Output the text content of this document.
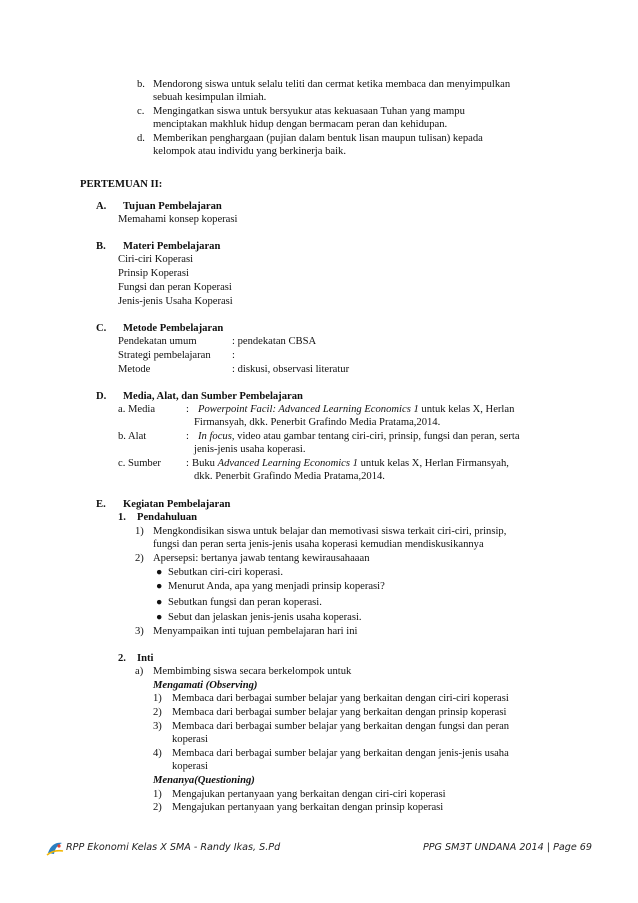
b. Mendorong siswa untuk selalu teliti dan cermat ketika membaca dan menyimpulkan
sebuah kesimpulan ilmiah.
c. Mengingatkan siswa untuk bersyukur atas kekuasaan Tuhan yang mampu
menciptakan makhluk hidup dengan bermacam peran dan kehidupan.
d. Memberikan penghargaan (pujian dalam bentuk lisan maupun tulisan) kepada
kelompok atau individu yang berkinerja baik.
PERTEMUAN II:
A. Tujuan Pembelajaran
Memahami konsep koperasi
B. Materi Pembelajaran
Ciri-ciri Koperasi
Prinsip Koperasi
Fungsi dan peran Koperasi
Jenis-jenis Usaha Koperasi
C. Metode Pembelajaran
Pendekatan umum	: pendekatan CBSA
Strategi pembelajaran :
Metode	: diskusi, observasi literatur
D. Media, Alat, dan Sumber Pembelajaran
a. Media	: Powerpoint Facil: Advanced Learning Economics 1 untuk kelas X, Herlan
Firmansyah, dkk. Penerbit Grafindo Media Pratama,2014.
b. Alat	: In focus, video atau gambar tentang ciri-ciri, prinsip, fungsi dan peran, serta
jenis-jenis usaha koperasi.
c. Sumber : Buku Advanced Learning Economics 1 untuk kelas X, Herlan Firmansyah,
dkk. Penerbit Grafindo Media Pratama,2014.
E. Kegiatan Pembelajaran
1. Pendahuluan
1) Mengkondisikan siswa untuk belajar dan memotivasi siswa terkait ciri-ciri, prinsip,
fungsi dan peran serta jenis-jenis usaha koperasi kemudian mendiskusikannya
2) Apersepsi: bertanya jawab tentang kewirausahaaan
● Sebutkan ciri-ciri koperasi.
● Menurut Anda, apa yang menjadi prinsip koperasi?
● Sebutkan fungsi dan peran koperasi.
● Sebut dan jelaskan jenis-jenis usaha koperasi.
3) Menyampaikan inti tujuan pembelajaran hari ini
2. Inti
a) Membimbing siswa secara berkelompok untuk
Mengamati (Observing)
1) Membaca dari berbagai sumber belajar yang berkaitan dengan ciri-ciri koperasi
2) Membaca dari berbagai sumber belajar yang berkaitan dengan prinsip koperasi
3) Membaca dari berbagai sumber belajar yang berkaitan dengan fungsi dan peran
koperasi
4) Membaca dari berbagai sumber belajar yang berkaitan dengan jenis-jenis usaha
koperasi
Menanya(Questioning)
1) Mengajukan pertanyaan yang berkaitan dengan ciri-ciri koperasi
2) Mengajukan pertanyaan yang berkaitan dengan prinsip koperasi
RPP Ekonomi Kelas X SMA - Randy Ikas, S.Pd	PPG SM3T UNDANA 2014 | Page 69
